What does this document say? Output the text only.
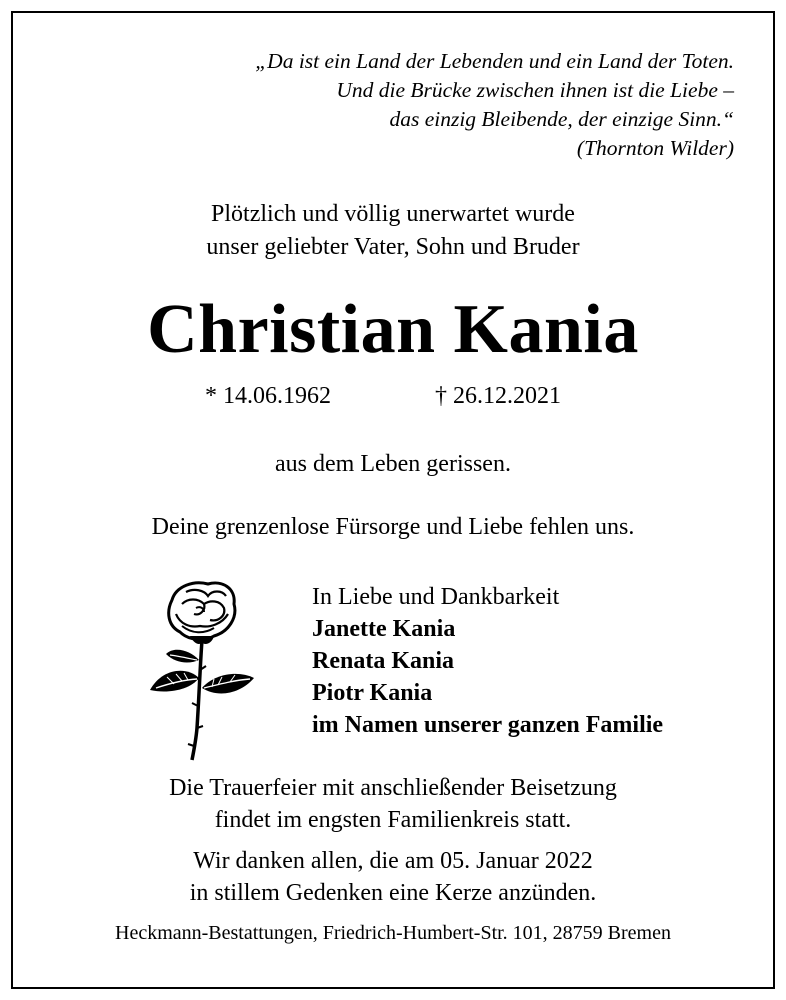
„Da ist ein Land der Lebenden und ein Land der Toten.
Und die Brücke zwischen ihnen ist die Liebe –
das einzig Bleibende, der einzige Sinn.“
(Thornton Wilder)
Plötzlich und völlig unerwartet wurde
unser geliebter Vater, Sohn und Bruder
Christian Kania
* 14.06.1962	† 26.12.2021
aus dem Leben gerissen.
Deine grenzenlose Fürsorge und Liebe fehlen uns.
In Liebe und Dankbarkeit
Janette Kania
Renata Kania
Piotr Kania
im Namen unserer ganzen Familie
Die Trauerfeier mit anschließender Beisetzung
findet im engsten Familienkreis statt.
Wir danken allen, die am 05. Januar 2022
in stillem Gedenken eine Kerze anzünden.
Heckmann-Bestattungen, Friedrich-Humbert-Str. 101, 28759 Bremen
